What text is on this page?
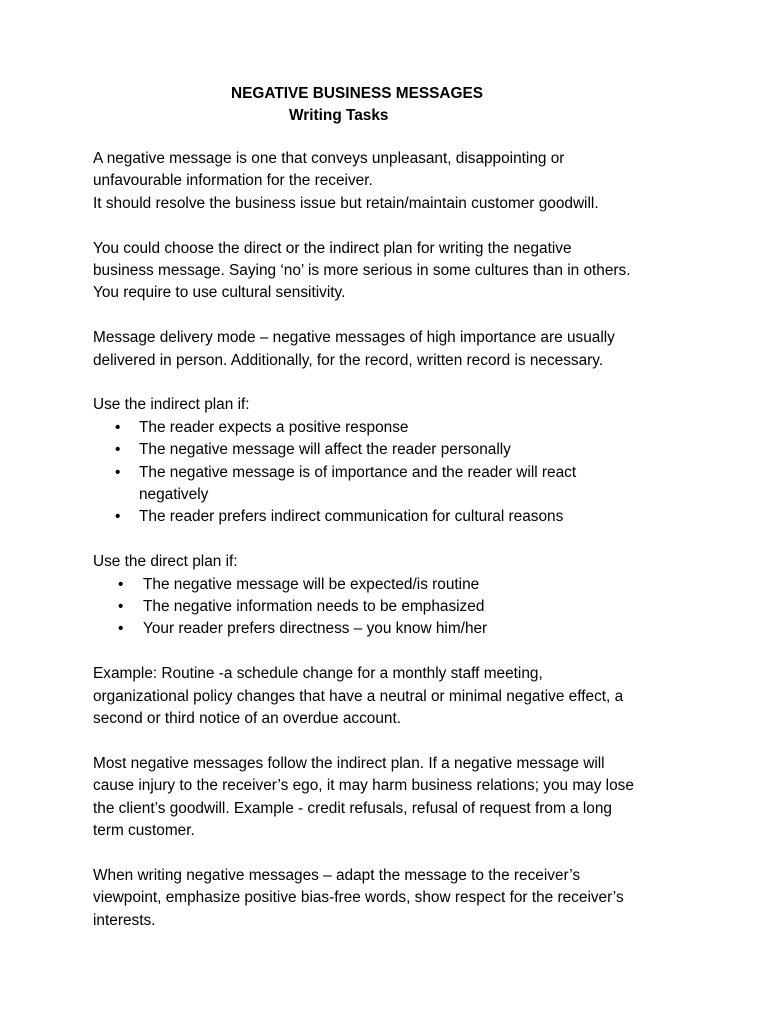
NEGATIVE BUSINESS MESSAGES
Writing Tasks

A negative message is one that conveys unpleasant, disappointing or
unfavourable information for the receiver.
It should resolve the business issue but retain/maintain customer goodwill.

You could choose the direct or the indirect plan for writing the negative
business message. Saying ‘no’ is more serious in some cultures than in others.
You require to use cultural sensitivity.

Message delivery mode – negative messages of high importance are usually
delivered in person. Additionally, for the record, written record is necessary.

Use the indirect plan if:

• The reader expects a positive response
• The negative message will affect the reader personally
• The negative message is of importance and the reader will react
negatively
• The reader prefers indirect communication for cultural reasons

Use the direct plan if:

• The negative message will be expected/is routine
• The negative information needs to be emphasized
• Your reader prefers directness – you know him/her

Example: Routine -a schedule change for a monthly staff meeting,
organizational policy changes that have a neutral or minimal negative effect, a
second or third notice of an overdue account.

Most negative messages follow the indirect plan. If a negative message will
cause injury to the receiver’s ego, it may harm business relations; you may lose
the client’s goodwill. Example - credit refusals, refusal of request from a long
term customer.

When writing negative messages – adapt the message to the receiver’s
viewpoint, emphasize positive bias-free words, show respect for the receiver’s
interests.
